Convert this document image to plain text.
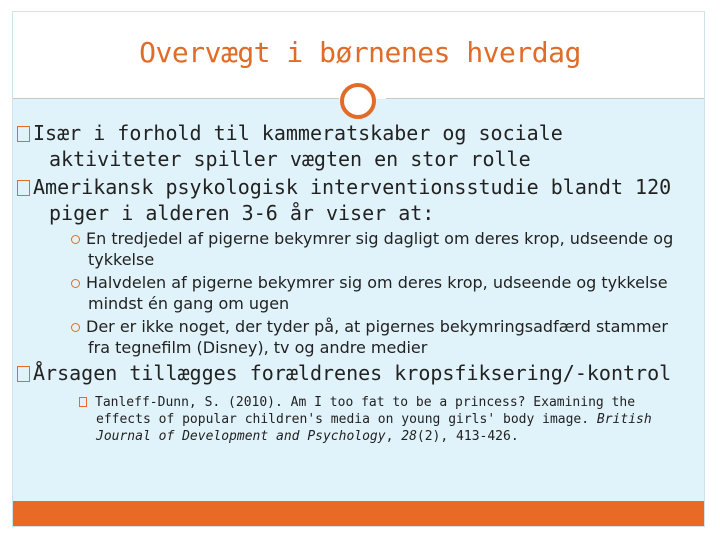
Overvægt i børnenes hverdag
Især i forhold til kammeratskaber og sociale aktiviteter spiller vægten en stor rolle
Amerikansk psykologisk interventionsstudie blandt 120 piger i alderen 3-6 år viser at:
En tredjedel af pigerne bekymrer sig dagligt om deres krop, udseende og tykkelse
Halvdelen af pigerne bekymrer sig om deres krop, udseende og tykkelse mindst én gang om ugen
Der er ikke noget, der tyder på, at pigernes bekymringsadfærd stammer fra tegnefilm (Disney), tv og andre medier
Årsagen tillægges forældrenes kropsfiksering/-kontrol
Tanleff-Dunn, S. (2010). Am I too fat to be a princess? Examining the effects of popular children's media on young girls' body image. British Journal of Development and Psychology, 28(2), 413-426.
